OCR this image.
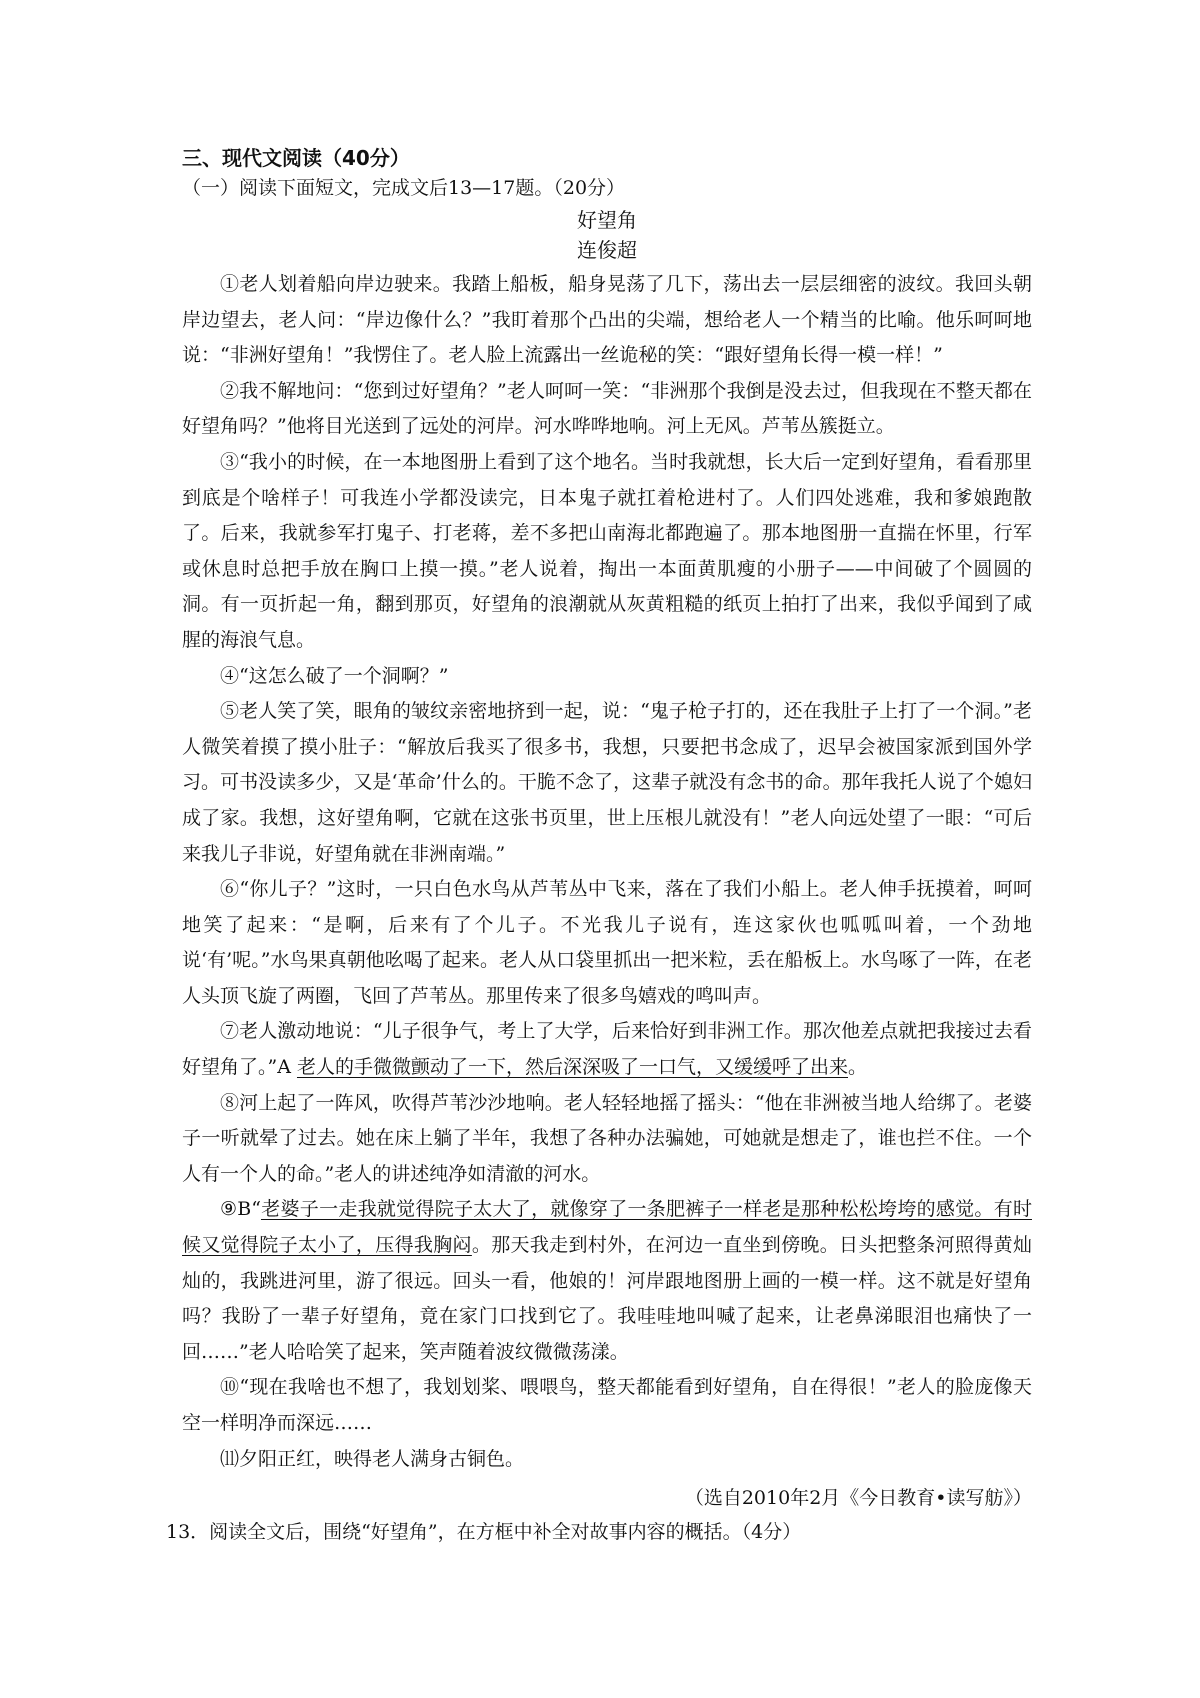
三、现代文阅读（40分）

（一）阅读下面短文，完成文后13—17题。（20分）

好望角

连俊超

①老人划着船向岸边驶来。我踏上船板，船身晃荡了几下，荡出去一层层细密的波纹。我回头朝岸边望去，老人问：“岸边像什么？”我盯着那个凸出的尖端，想给老人一个精当的比喻。他乐呵呵地说：“非洲好望角！”我愣住了。老人脸上流露出一丝诡秘的笑：“跟好望角长得一模一样！”

②我不解地问：“您到过好望角？”老人呵呵一笑：“非洲那个我倒是没去过，但我现在不整天都在好望角吗？”他将目光送到了远处的河岸。河水哗哗地响。河上无风。芦苇丛簇挺立。

③“我小的时候，在一本地图册上看到了这个地名。当时我就想，长大后一定到好望角，看看那里到底是个啥样子！可我连小学都没读完，日本鬼子就扛着枪进村了。人们四处逃难，我和爹娘跑散了。后来，我就参军打鬼子、打老蒋，差不多把山南海北都跑遍了。那本地图册一直揣在怀里，行军或休息时总把手放在胸口上摸一摸。”老人说着，掏出一本面黄肌瘦的小册子——中间破了个圆圆的洞。有一页折起一角，翻到那页，好望角的浪潮就从灰黄粗糙的纸页上拍打了出来，我似乎闻到了咸腥的海浪气息。

④“这怎么破了一个洞啊？”

⑤老人笑了笑，眼角的皱纹亲密地挤到一起，说：“鬼子枪子打的，还在我肚子上打了一个洞。”老人微笑着摸了摸小肚子：“解放后我买了很多书，我想，只要把书念成了，迟早会被国家派到国外学习。可书没读多少，又是‘革命’什么的。干脆不念了，这辈子就没有念书的命。那年我托人说了个媳妇成了家。我想，这好望角啊，它就在这张书页里，世上压根儿就没有！”老人向远处望了一眼：“可后来我儿子非说，好望角就在非洲南端。”

⑥“你儿子？”这时，一只白色水鸟从芦苇丛中飞来，落在了我们小船上。老人伸手抚摸着，呵呵地笑了起来：“是啊，后来有了个儿子。不光我儿子说有，连这家伙也呱呱叫着，一个劲地说‘有’呢。”水鸟果真朝他吆喝了起来。老人从口袋里抓出一把米粒，丢在船板上。水鸟啄了一阵，在老人头顶飞旋了两圈，飞回了芦苇丛。那里传来了很多鸟嬉戏的鸣叫声。

⑦老人激动地说：“儿子很争气，考上了大学，后来恰好到非洲工作。那次他差点就把我接过去看好望角了。”A 老人的手微微颤动了一下，然后深深吸了一口气，又缓缓呼了出来。

⑧河上起了一阵风，吹得芦苇沙沙地响。老人轻轻地摇了摇头：“他在非洲被当地人给绑了。老婆子一听就晕了过去。她在床上躺了半年，我想了各种办法骗她，可她就是想走了，谁也拦不住。一个人有一个人的命。”老人的讲述纯净如清澈的河水。

⑨B“老婆子一走我就觉得院子太大了，就像穿了一条肥裤子一样老是那种松松垮垮的感觉。有时候又觉得院子太小了，压得我胸闷。那天我走到村外，在河边一直坐到傍晚。日头把整条河照得黄灿灿的，我跳进河里，游了很远。回头一看，他娘的！河岸跟地图册上画的一模一样。这不就是好望角吗？我盼了一辈子好望角，竟在家门口找到它了。我哇哇地叫喊了起来，让老鼻涕眼泪也痛快了一回……”老人哈哈笑了起来，笑声随着波纹微微荡漾。

⑩“现在我啥也不想了，我划划桨、喂喂鸟，整天都能看到好望角，自在得很！”老人的脸庞像天空一样明净而深远……

⑾夕阳正红，映得老人满身古铜色。

（选自2010年2月《今日教育•读写舫》）

13．阅读全文后，围绕“好望角”，在方框中补全对故事内容的概括。（4分）
